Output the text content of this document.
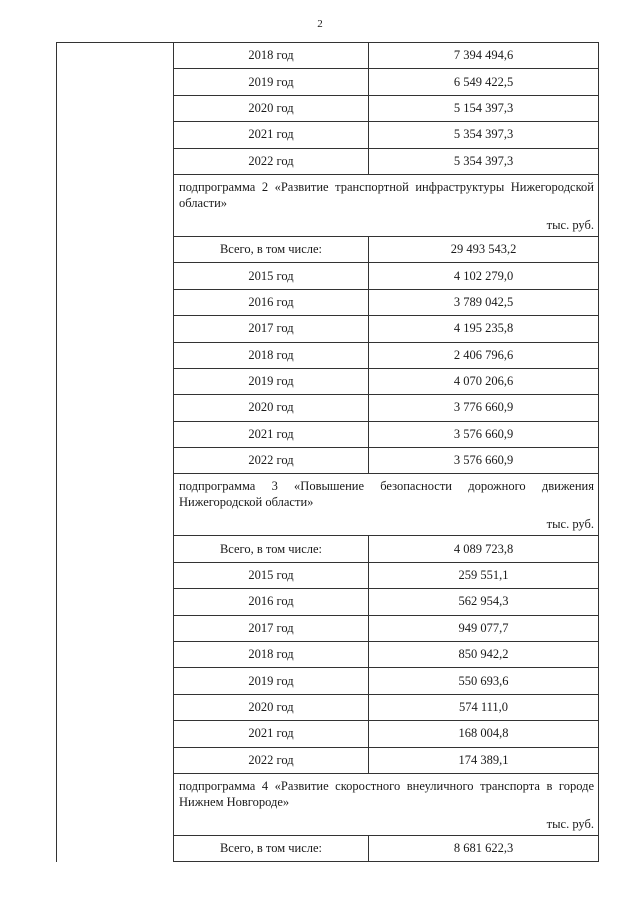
2
	2018 год	7 394 494,6
	2019 год	6 549 422,5
	2020 год	5 154 397,3
	2021 год	5 354 397,3
	2022 год	5 354 397,3

	подпрограмма 2 «Развитие транспортной инфраструктуры Нижегородской области»
тыс. руб.	

	Всего, в том числе:	29 493 543,2
	2015 год	4 102 279,0
	2016 год	3 789 042,5
	2017 год	4 195 235,8
	2018 год	2 406 796,6
	2019 год	4 070 206,6
	2020 год	3 776 660,9
	2021 год	3 576 660,9
	2022 год	3 576 660,9

	подпрограмма 3 «Повышение безопасности дорожного движения Нижегородской области»
тыс. руб.	

	Всего, в том числе:	4 089 723,8
	2015 год	259 551,1
	2016 год	562 954,3
	2017 год	949 077,7
	2018 год	850 942,2
	2019 год	550 693,6
	2020 год	574 111,0
	2021 год	168 004,8
	2022 год	174 389,1

	подпрограмма 4 «Развитие скоростного внеуличного транспорта в городе Нижнем Новгороде»
тыс. руб.	

	Всего, в том числе:	8 681 622,3
